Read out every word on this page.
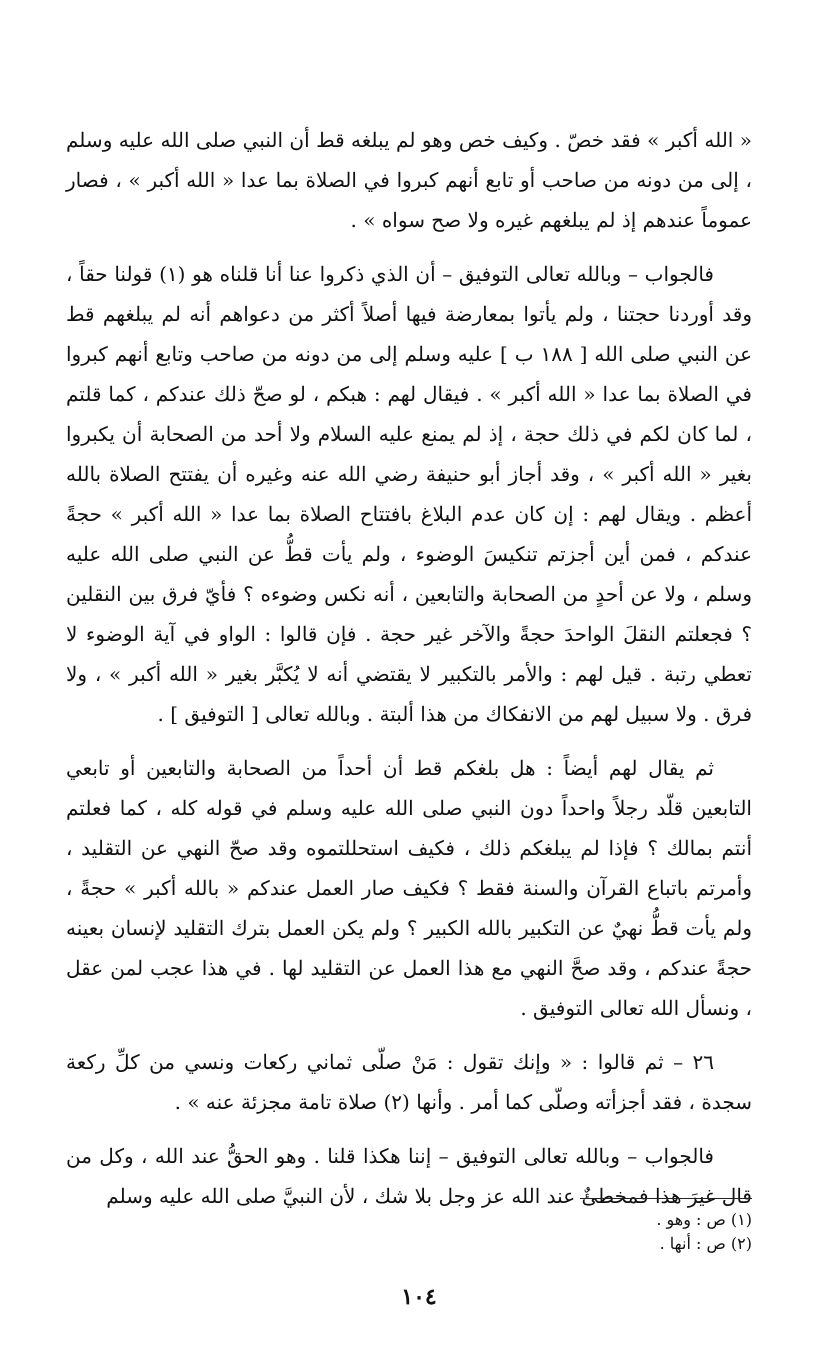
« الله أكبر » فقد خصّ . وكيف خص وهو لم يبلغه قط أن النبي صلى الله عليه وسلم ، إلى من دونه من صاحب أو تابع أنهم كبروا في الصلاة بما عدا « الله أكبر » ، فصار عموماً عندهم إذ لم يبلغهم غيره ولا صح سواه » .

فالجواب – وبالله تعالى التوفيق – أن الذي ذكروا عنا أنا قلناه هو (١) قولنا حقاً ، وقد أوردنا حجتنا ، ولم يأتوا بمعارضة فيها أصلاً أكثر من دعواهم أنه لم يبلغهم قط عن النبي صلى الله [ ١٨٨ ب ] عليه وسلم إلى من دونه من صاحب وتابع أنهم كبروا في الصلاة بما عدا « الله أكبر » . فيقال لهم : هبكم ، لو صحّ ذلك عندكم ، كما قلتم ، لما كان لكم في ذلك حجة ، إذ لم يمنع عليه السلام ولا أحد من الصحابة أن يكبروا بغير « الله أكبر » ، وقد أجاز أبو حنيفة رضي الله عنه وغيره أن يفتتح الصلاة بالله أعظم . ويقال لهم : إن كان عدم البلاغ بافتتاح الصلاة بما عدا « الله أكبر » حجةً عندكم ، فمن أين أجزتم تنكيسَ الوضوء ، ولم يأت قطُّ عن النبي صلى الله عليه وسلم ، ولا عن أحدٍ من الصحابة والتابعين ، أنه نكس وضوءه ؟ فأيّ فرق بين النقلين ؟ فجعلتم النقلَ الواحدَ حجةً والآخر غير حجة . فإن قالوا : الواو في آية الوضوء لا تعطي رتبة . قيل لهم : والأمر بالتكبير لا يقتضي أنه لا يُكبَّر بغير « الله أكبر » ، ولا فرق . ولا سبيل لهم من الانفكاك من هذا ألبتة . وبالله تعالى [ التوفيق ] .

ثم يقال لهم أيضاً : هل بلغكم قط أن أحداً من الصحابة والتابعين أو تابعي التابعين قلّد رجلاً واحداً دون النبي صلى الله عليه وسلم في قوله كله ، كما فعلتم أنتم بمالك ؟ فإذا لم يبلغكم ذلك ، فكيف استحللتموه وقد صحّ النهي عن التقليد ، وأمرتم باتباع القرآن والسنة فقط ؟ فكيف صار العمل عندكم « بالله أكبر » حجةً ، ولم يأت قطُّ نهيٌ عن التكبير بالله الكبير ؟ ولم يكن العمل بترك التقليد لإنسان بعينه حجةً عندكم ، وقد صحَّ النهي مع هذا العمل عن التقليد لها . في هذا عجب لمن عقل ، ونسأل الله تعالى التوفيق .

٢٦ – ثم قالوا : « وإنك تقول : مَنْ صلّى ثماني ركعات ونسي من كلِّ ركعة سجدة ، فقد أجزأته وصلّى كما أمر . وأنها (٢) صلاة تامة مجزئة عنه » .

فالجواب – وبالله تعالى التوفيق – إننا هكذا قلنا . وهو الحقُّ عند الله ، وكل من قال غيرَ هذا فمخطئٌ عند الله عز وجل بلا شك ، لأن النبيَّ صلى الله عليه وسلم

(١) ص : وهو .

(٢) ص : أنها .

١٠٤
